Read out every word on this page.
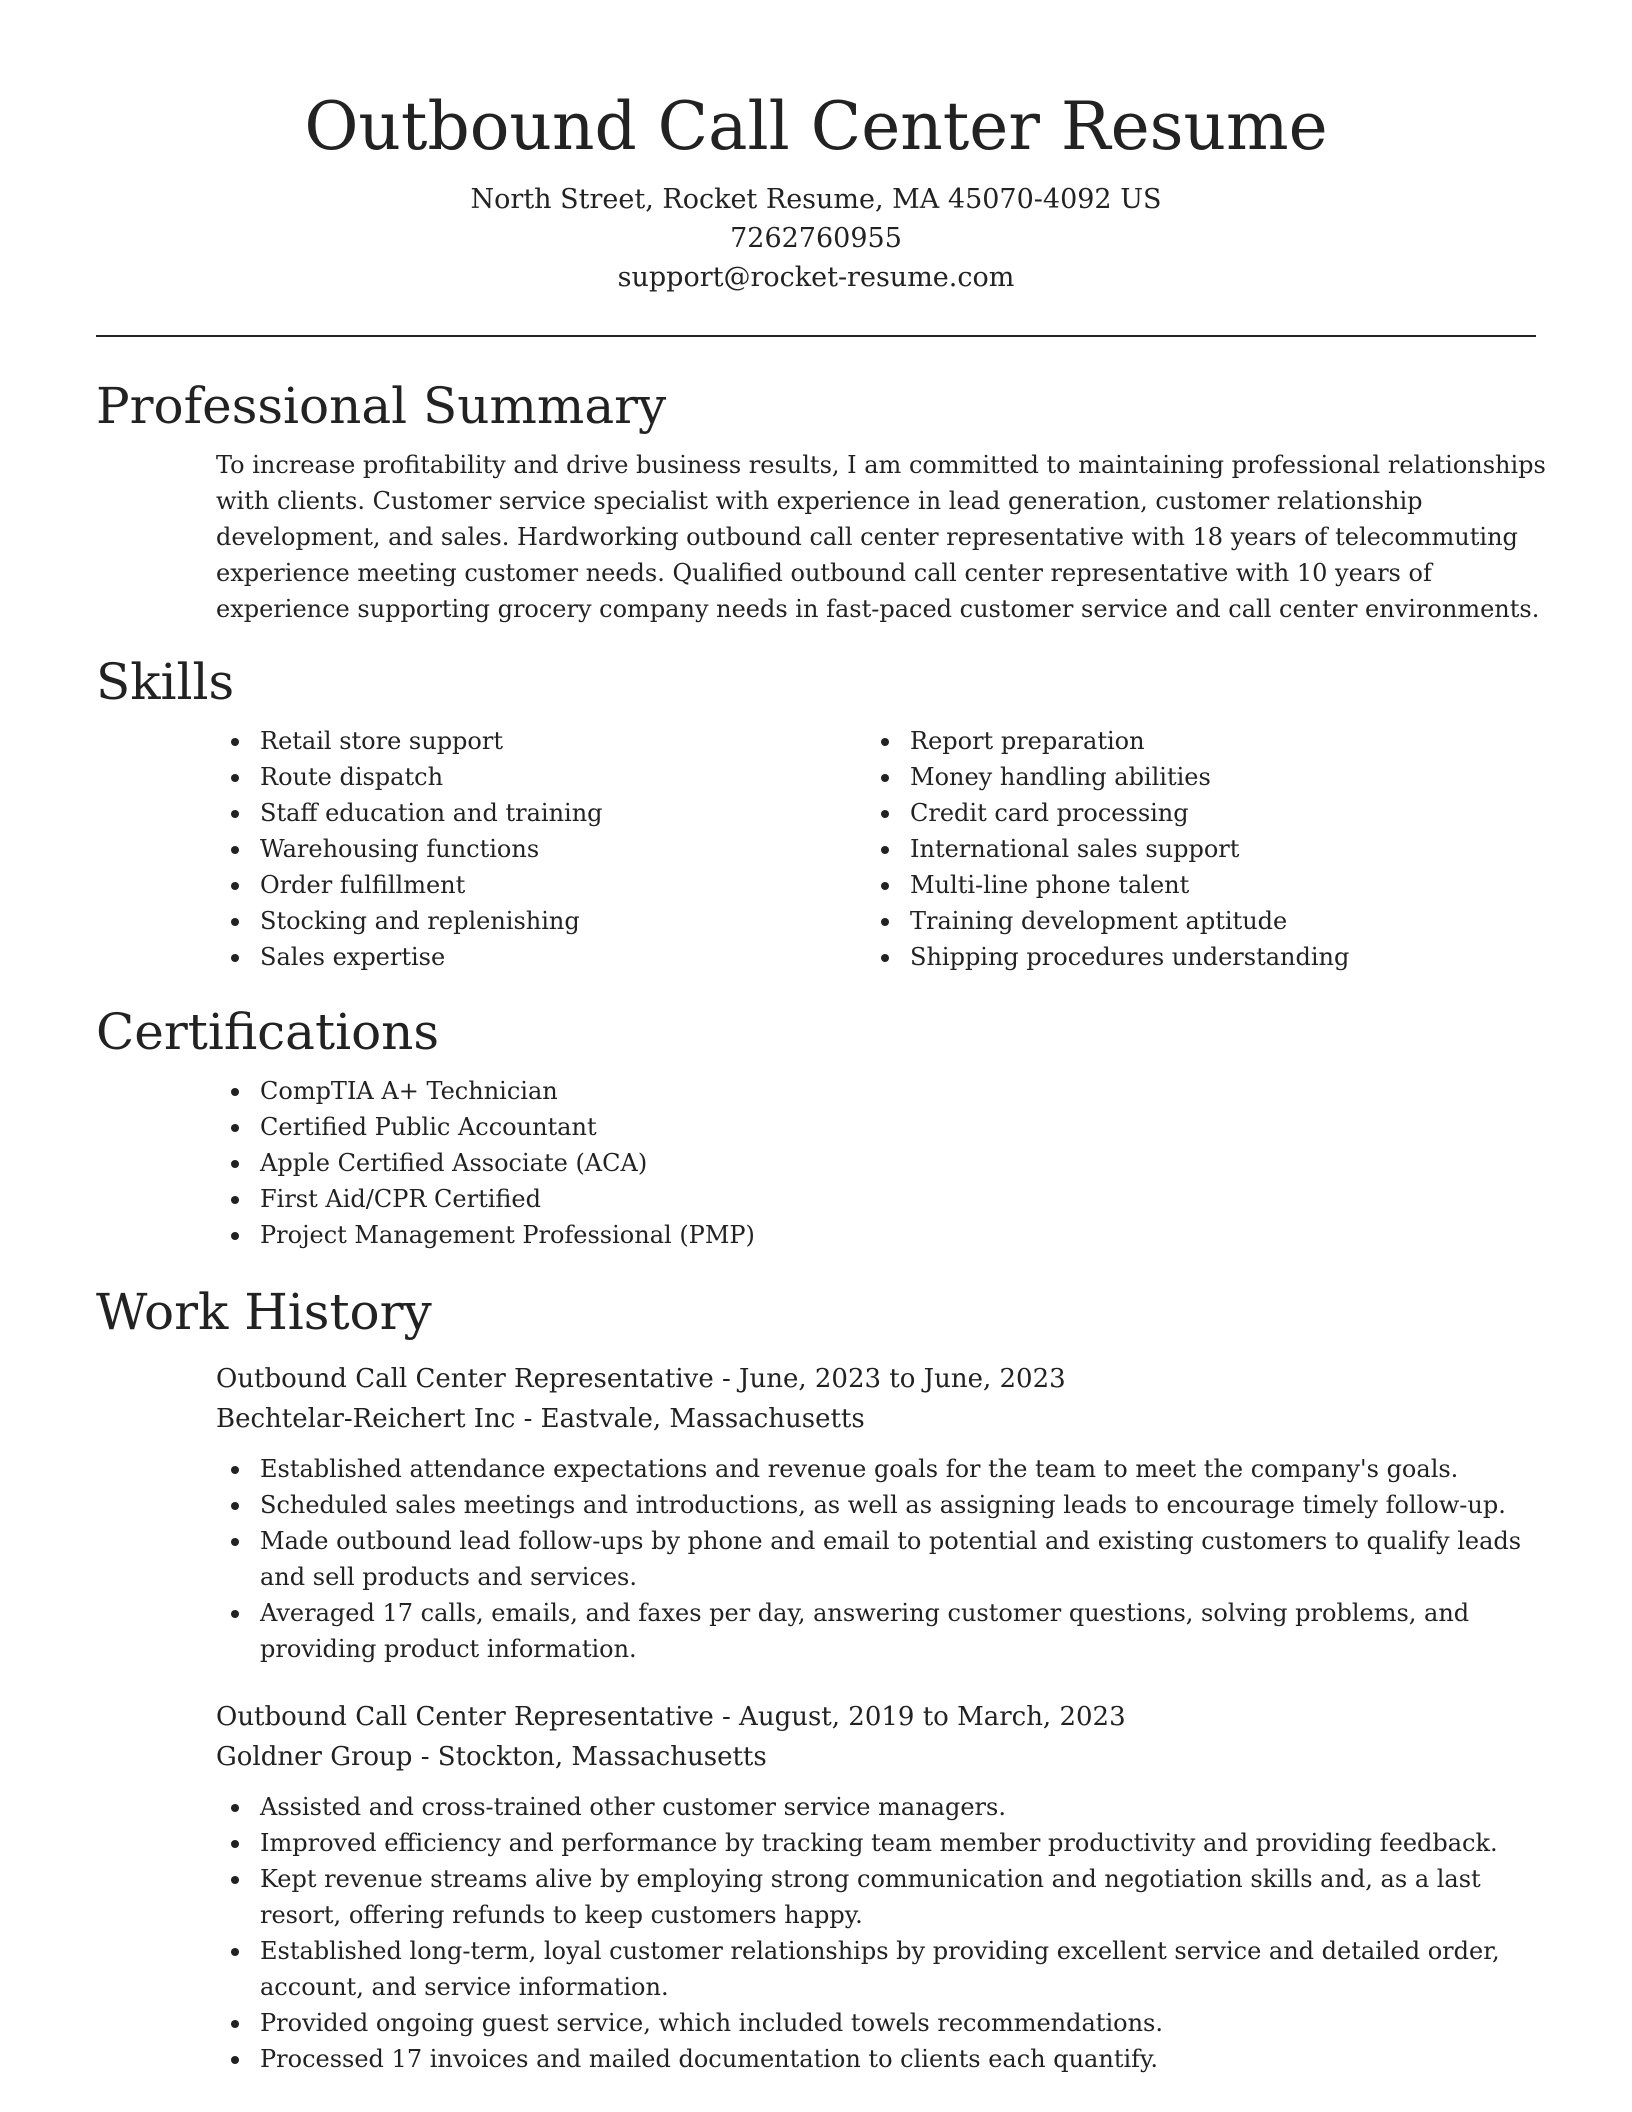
Outbound Call Center Resume
North Street, Rocket Resume, MA 45070-4092 US
7262760955
support@rocket-resume.com
Professional Summary

To increase profitability and drive business results, I am committed to maintaining professional relationships with clients. Customer service specialist with experience in lead generation, customer relationship development, and sales. Hardworking outbound call center representative with 18 years of telecommuting experience meeting customer needs. Qualified outbound call center representative with 10 years of experience supporting grocery company needs in fast-paced customer service and call center environments.

Skills
Retail store support
Route dispatch
Staff education and training
Warehousing functions
Order fulfillment
Stocking and replenishing
Sales expertise
Report preparation
Money handling abilities
Credit card processing
International sales support
Multi-line phone talent
Training development aptitude
Shipping procedures understanding
Certifications
CompTIA A+ Technician
Certified Public Accountant
Apple Certified Associate (ACA)
First Aid/CPR Certified
Project Management Professional (PMP)
Work History
Outbound Call Center Representative - June, 2023 to June, 2023
Bechtelar-Reichert Inc - Eastvale, Massachusetts
Established attendance expectations and revenue goals for the team to meet the company's goals.
Scheduled sales meetings and introductions, as well as assigning leads to encourage timely follow-up.
Made outbound lead follow-ups by phone and email to potential and existing customers to qualify leads and sell products and services.
Averaged 17 calls, emails, and faxes per day, answering customer questions, solving problems, and providing product information.
Outbound Call Center Representative - August, 2019 to March, 2023
Goldner Group - Stockton, Massachusetts
Assisted and cross-trained other customer service managers.
Improved efficiency and performance by tracking team member productivity and providing feedback.
Kept revenue streams alive by employing strong communication and negotiation skills and, as a last resort, offering refunds to keep customers happy.
Established long-term, loyal customer relationships by providing excellent service and detailed order, account, and service information.
Provided ongoing guest service, which included towels recommendations.
Processed 17 invoices and mailed documentation to clients each quantify.
